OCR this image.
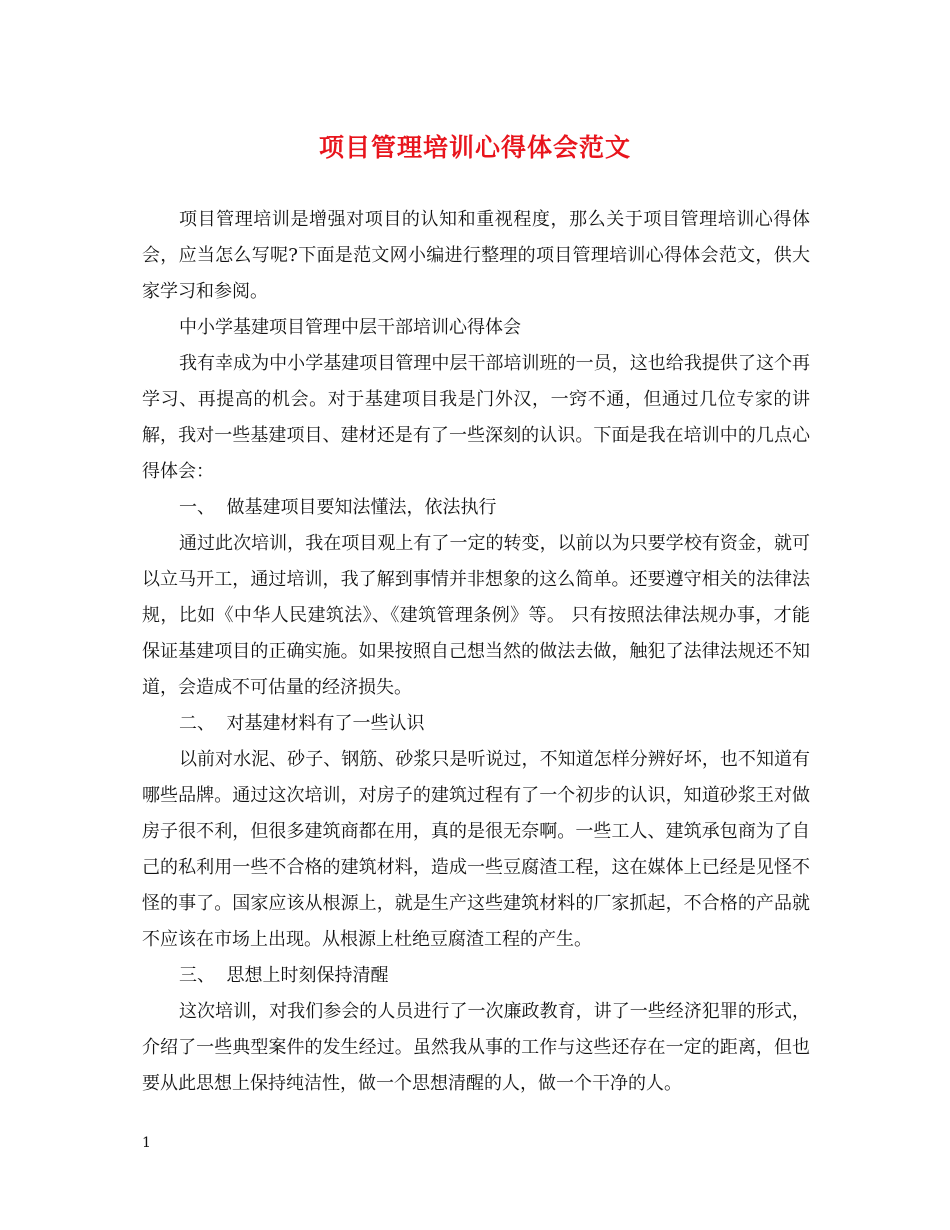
项目管理培训心得体会范文

项目管理培训是增强对项目的认知和重视程度，那么关于项目管理培训心得体会，应当怎么写呢?下面是范文网小编进行整理的项目管理培训心得体会范文，供大家学习和参阅。

中小学基建项目管理中层干部培训心得体会

我有幸成为中小学基建项目管理中层干部培训班的一员，这也给我提供了这个再学习、再提高的机会。对于基建项目我是门外汉，一窍不通，但通过几位专家的讲解，我对一些基建项目、建材还是有了一些深刻的认识。下面是我在培训中的几点心得体会：

一、  做基建项目要知法懂法，依法执行

通过此次培训，我在项目观上有了一定的转变，以前以为只要学校有资金，就可以立马开工，通过培训，我了解到事情并非想象的这么简单。还要遵守相关的法律法规，比如《中华人民建筑法》、《建筑管理条例》等。 只有按照法律法规办事，才能保证基建项目的正确实施。如果按照自己想当然的做法去做，触犯了法律法规还不知道，会造成不可估量的经济损失。

二、  对基建材料有了一些认识

以前对水泥、砂子、钢筋、砂浆只是听说过，不知道怎样分辨好坏，也不知道有哪些品牌。通过这次培训，对房子的建筑过程有了一个初步的认识，知道砂浆王对做房子很不利，但很多建筑商都在用，真的是很无奈啊。一些工人、建筑承包商为了自己的私利用一些不合格的建筑材料，造成一些豆腐渣工程，这在媒体上已经是见怪不怪的事了。国家应该从根源上，就是生产这些建筑材料的厂家抓起，不合格的产品就不应该在市场上出现。从根源上杜绝豆腐渣工程的产生。

三、  思想上时刻保持清醒

这次培训，对我们参会的人员进行了一次廉政教育，讲了一些经济犯罪的形式，介绍了一些典型案件的发生经过。虽然我从事的工作与这些还存在一定的距离，但也要从此思想上保持纯洁性，做一个思想清醒的人，做一个干净的人。

1
